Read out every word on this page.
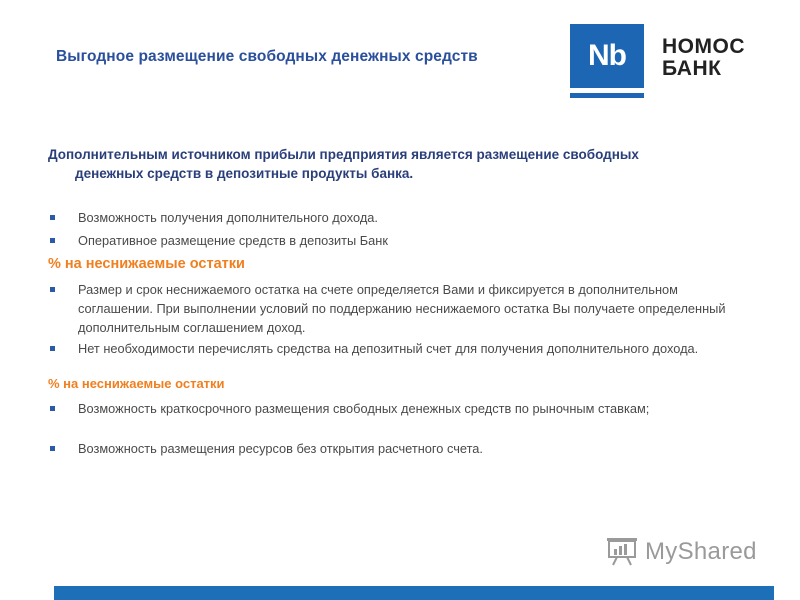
Выгодное размещение свободных денежных средств	Nb	НОМОС
БАНК
Дополнительным источником прибыли предприятия является размещение свободных
денежных средств в депозитные продукты банка.
Возможность получения дополнительного дохода.
Оперативное размещение средств в депозиты Банк
% на неснижаемые остатки
Размер и срок неснижаемого остатка на счете определяется Вами и фиксируется в дополнительном соглашении. При выполнении условий по поддержанию неснижаемого остатка Вы получаете определенный дополнительным соглашением доход.
Нет необходимости перечислять средства на депозитный счет для получения дополнительного дохода.
% на неснижаемые остатки
Возможность краткосрочного размещения свободных денежных средств по рыночным ставкам;
Возможность размещения ресурсов без открытия расчетного счета.
MyShared
